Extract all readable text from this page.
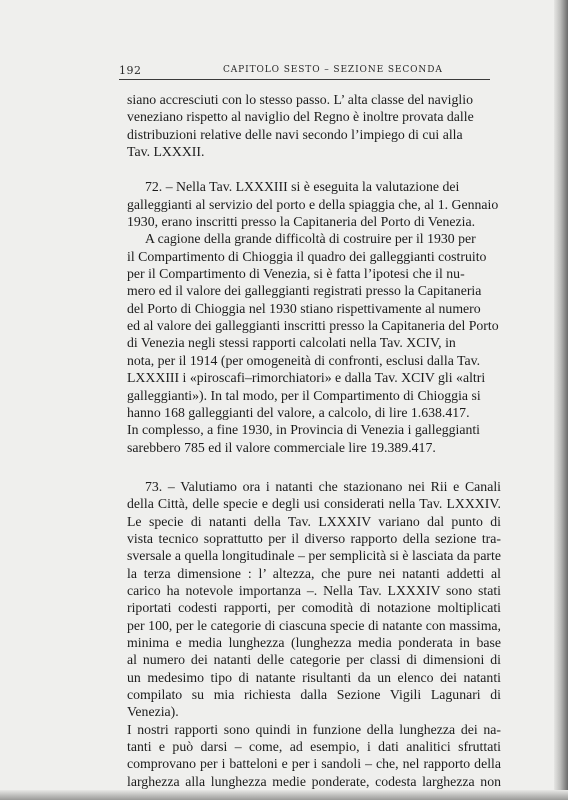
192	CAPITOLO SESTO – SEZIONE SECONDA

siano accresciuti con lo stesso passo. L’ alta classe del naviglio
veneziano rispetto al naviglio del Regno è inoltre provata dalle
distribuzioni relative delle navi secondo l’impiego di cui alla
Tav. LXXXII.

72. – Nella Tav. LXXXIII si è eseguita la valutazione dei
galleggianti al servizio del porto e della spiaggia che, al 1. Gennaio
1930, erano inscritti presso la Capitaneria del Porto di Venezia.

A cagione della grande difficoltà di costruire per il 1930 per
il Compartimento di Chioggia il quadro dei galleggianti costruito
per il Compartimento di Venezia, si è fatta l’ipotesi che il nu-
mero ed il valore dei galleggianti registrati presso la Capitaneria
del Porto di Chioggia nel 1930 stiano rispettivamente al numero
ed al valore dei galleggianti inscritti presso la Capitaneria del Porto
di Venezia negli stessi rapporti calcolati nella Tav. XCIV, in
nota, per il 1914 (per omogeneità di confronti, esclusi dalla Tav.
LXXXIII i «piroscafi–rimorchiatori» e dalla Tav. XCIV gli «altri
galleggianti»). In tal modo, per il Compartimento di Chioggia si
hanno 168 galleggianti del valore, a calcolo, di lire 1.638.417.
In complesso, a fine 1930, in Provincia di Venezia i galleggianti
sarebbero 785 ed il valore commerciale lire 19.389.417.

73. – Valutiamo ora i natanti che stazionano nei Rii e Canali
della Città, delle specie e degli usi considerati nella Tav. LXXXIV.
Le specie di natanti della Tav. LXXXIV variano dal punto di
vista tecnico soprattutto per il diverso rapporto della sezione tra-
sversale a quella longitudinale – per semplicità si è lasciata da parte
la terza dimensione : l’ altezza, che pure nei natanti addetti al
carico ha notevole importanza –. Nella Tav. LXXXIV sono stati
riportati codesti rapporti, per comodità di notazione moltiplicati
per 100, per le categorie di ciascuna specie di natante con massima,
minima e media lunghezza (lunghezza media ponderata in base
al numero dei natanti delle categorie per classi di dimensioni di
un medesimo tipo di natante risultanti da un elenco dei natanti
compilato su mia richiesta dalla Sezione Vigili Lagunari di Venezia).
I nostri rapporti sono quindi in funzione della lunghezza dei na-
tanti e può darsi – come, ad esempio, i dati analitici sfruttati
comprovano per i batteloni e per i sandoli – che, nel rapporto della
larghezza alla lunghezza medie ponderate, codesta larghezza non
